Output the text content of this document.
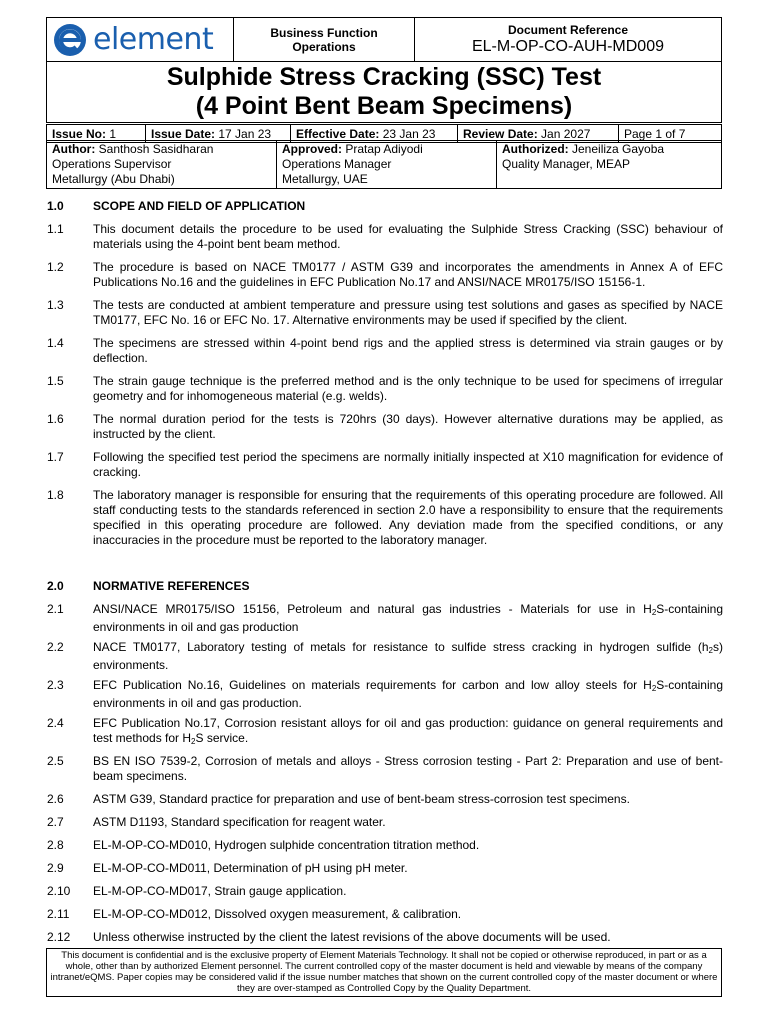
element	Business Function
Operations

Document Reference
EL-M-OP-CO-AUH-MD009

Sulphide Stress Cracking (SSC) Test
(4 Point Bent Beam Specimens)
Issue No: 1	Issue Date: 17 Jan 23	Effective Date: 23 Jan 23	Review Date: Jan 2027	Page 1 of 7
Author: Santhosh Sasidharan
Operations Supervisor
Metallurgy (Abu Dhabi)

Approved: Pratap Adiyodi
Operations Manager
Metallurgy, UAE

Authorized: Jeneiliza Gayoba
Quality Manager, MEAP
1.0	SCOPE AND FIELD OF APPLICATION
1.1	This document details the procedure to be used for evaluating the Sulphide Stress Cracking (SSC) behaviour of materials using the 4-point bent beam method.
1.2	The procedure is based on NACE TM0177 / ASTM G39 and incorporates the amendments in Annex A of EFC Publications No.16 and the guidelines in EFC Publication No.17 and ANSI/NACE MR0175/ISO 15156-1.
1.3	The tests are conducted at ambient temperature and pressure using test solutions and gases as specified by NACE TM0177, EFC No. 16 or EFC No. 17. Alternative environments may be used if specified by the client.
1.4	The specimens are stressed within 4-point bend rigs and the applied stress is determined via strain gauges or by deflection.
1.5	The strain gauge technique is the preferred method and is the only technique to be used for specimens of irregular geometry and for inhomogeneous material (e.g. welds).
1.6	The normal duration period for the tests is 720hrs (30 days). However alternative durations may be applied, as instructed by the client.
1.7	Following the specified test period the specimens are normally initially inspected at X10 magnification for evidence of cracking.
1.8	The laboratory manager is responsible for ensuring that the requirements of this operating procedure are followed. All staff conducting tests to the standards referenced in section 2.0 have a responsibility to ensure that the requirements specified in this operating procedure are followed. Any deviation made from the specified conditions, or any inaccuracies in the procedure must be reported to the laboratory manager.
2.0	NORMATIVE REFERENCES
2.1	ANSI/NACE MR0175/ISO 15156, Petroleum and natural gas industries - Materials for use in $H_2S$-containing environments in oil and gas production
2.2	NACE TM0177, Laboratory testing of metals for resistance to sulfide stress cracking in hydrogen sulfide $(h_2s)$ environments.
2.3	EFC Publication No.16, Guidelines on materials requirements for carbon and low alloy steels for $H_2S$-containing environments in oil and gas production.
2.4	EFC Publication No.17, Corrosion resistant alloys for oil and gas production: guidance on general requirements and test methods for $H_2S$ service.
2.5	BS EN ISO 7539-2, Corrosion of metals and alloys - Stress corrosion testing - Part 2: Preparation and use of bent-beam specimens.
2.6	ASTM G39, Standard practice for preparation and use of bent-beam stress-corrosion test specimens.
2.7	ASTM D1193, Standard specification for reagent water.
2.8	EL-M-OP-CO-MD010, Hydrogen sulphide concentration titration method.
2.9	EL-M-OP-CO-MD011, Determination of pH using pH meter.
2.10	EL-M-OP-CO-MD017, Strain gauge application.
2.11	EL-M-OP-CO-MD012, Dissolved oxygen measurement, & calibration.
2.12	Unless otherwise instructed by the client the latest revisions of the above documents will be used.
This document is confidential and is the exclusive property of Element Materials Technology. It shall not be copied or otherwise reproduced, in part or as a whole, other than by authorized Element personnel. The current controlled copy of the master document is held and viewable by means of the company intranet/eQMS. Paper copies may be considered valid if the issue number matches that shown on the current controlled copy of the master document or where they are over-stamped as Controlled Copy by the Quality Department.
